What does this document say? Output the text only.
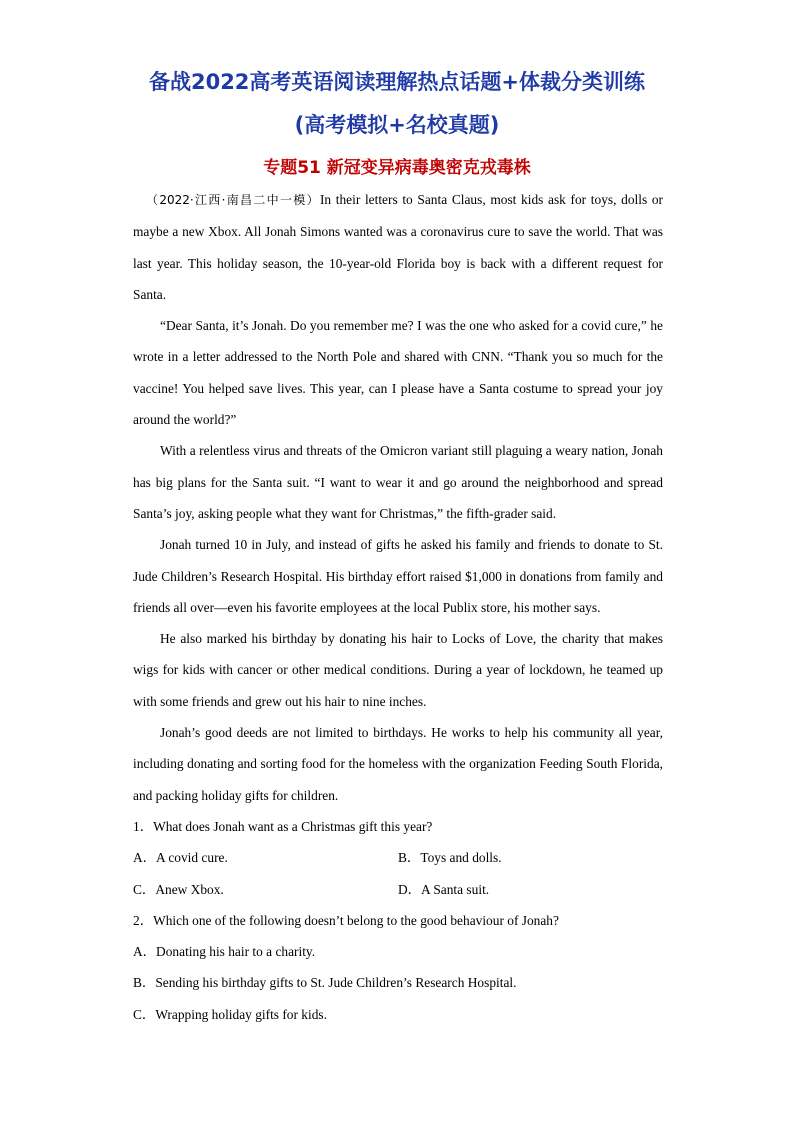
备战2022高考英语阅读理解热点话题+体裁分类训练
(高考模拟+名校真题)
专题51 新冠变异病毒奥密克戎毒株

（2022·江西·南昌二中一模）In their letters to Santa Claus, most kids ask for toys, dolls or maybe a new Xbox. All Jonah Simons wanted was a coronavirus cure to save the world. That was last year. This holiday season, the 10-year-old Florida boy is back with a different request for Santa.

“Dear Santa, it’s Jonah. Do you remember me? I was the one who asked for a covid cure,” he wrote in a letter addressed to the North Pole and shared with CNN. “Thank you so much for the vaccine! You helped save lives. This year, can I please have a Santa costume to spread your joy around the world?”

With a relentless virus and threats of the Omicron variant still plaguing a weary nation, Jonah has big plans for the Santa suit. “I want to wear it and go around the neighborhood and spread Santa’s joy, asking people what they want for Christmas,” the fifth-grader said.

Jonah turned 10 in July, and instead of gifts he asked his family and friends to donate to St. Jude Children’s Research Hospital. His birthday effort raised $1,000 in donations from family and friends all over—even his favorite employees at the local Publix store, his mother says.

He also marked his birthday by donating his hair to Locks of Love, the charity that makes wigs for kids with cancer or other medical conditions. During a year of lockdown, he teamed up with some friends and grew out his hair to nine inches.

Jonah’s good deeds are not limited to birthdays. He works to help his community all year, including donating and sorting food for the homeless with the organization Feeding South Florida, and packing holiday gifts for children.

1．What does Jonah want as a Christmas gift this year?

A．A covid cure.	B．Toys and dolls.

C．Anew Xbox.	D．A Santa suit.

2．Which one of the following doesn’t belong to the good behaviour of Jonah?

A．Donating his hair to a charity.

B．Sending his birthday gifts to St. Jude Children’s Research Hospital.

C．Wrapping holiday gifts for kids.
